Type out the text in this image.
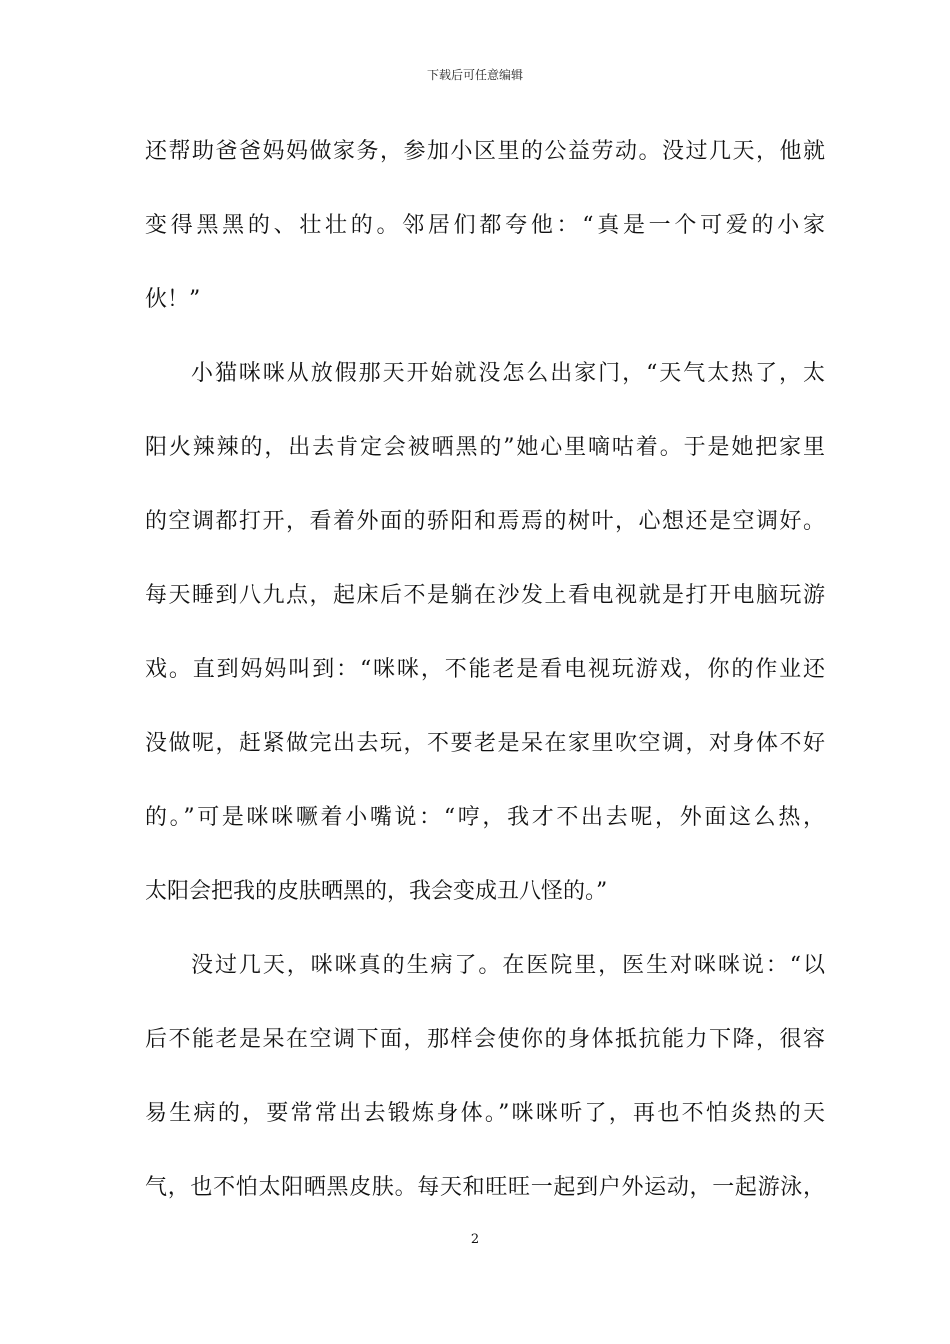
下载后可任意编辑
还帮助爸爸妈妈做家务，参加小区里的公益劳动。没过几天，他就
变得黑黑的、壮壮的。邻居们都夸他：“真是一个可爱的小家
伙！”
小猫咪咪从放假那天开始就没怎么出家门，“天气太热了，太
阳火辣辣的，出去肯定会被晒黑的”她心里嘀咕着。于是她把家里
的空调都打开，看着外面的骄阳和焉焉的树叶，心想还是空调好。
每天睡到八九点，起床后不是躺在沙发上看电视就是打开电脑玩游
戏。直到妈妈叫到：“咪咪，不能老是看电视玩游戏，你的作业还
没做呢，赶紧做完出去玩，不要老是呆在家里吹空调，对身体不好
的。”可是咪咪噘着小嘴说：“哼，我才不出去呢，外面这么热，
太阳会把我的皮肤晒黑的，我会变成丑八怪的。”
没过几天，咪咪真的生病了。在医院里，医生对咪咪说：“以
后不能老是呆在空调下面，那样会使你的身体抵抗能力下降，很容
易生病的，要常常出去锻炼身体。”咪咪听了，再也不怕炎热的天
气，也不怕太阳晒黑皮肤。每天和旺旺一起到户外运动，一起游泳，
2
